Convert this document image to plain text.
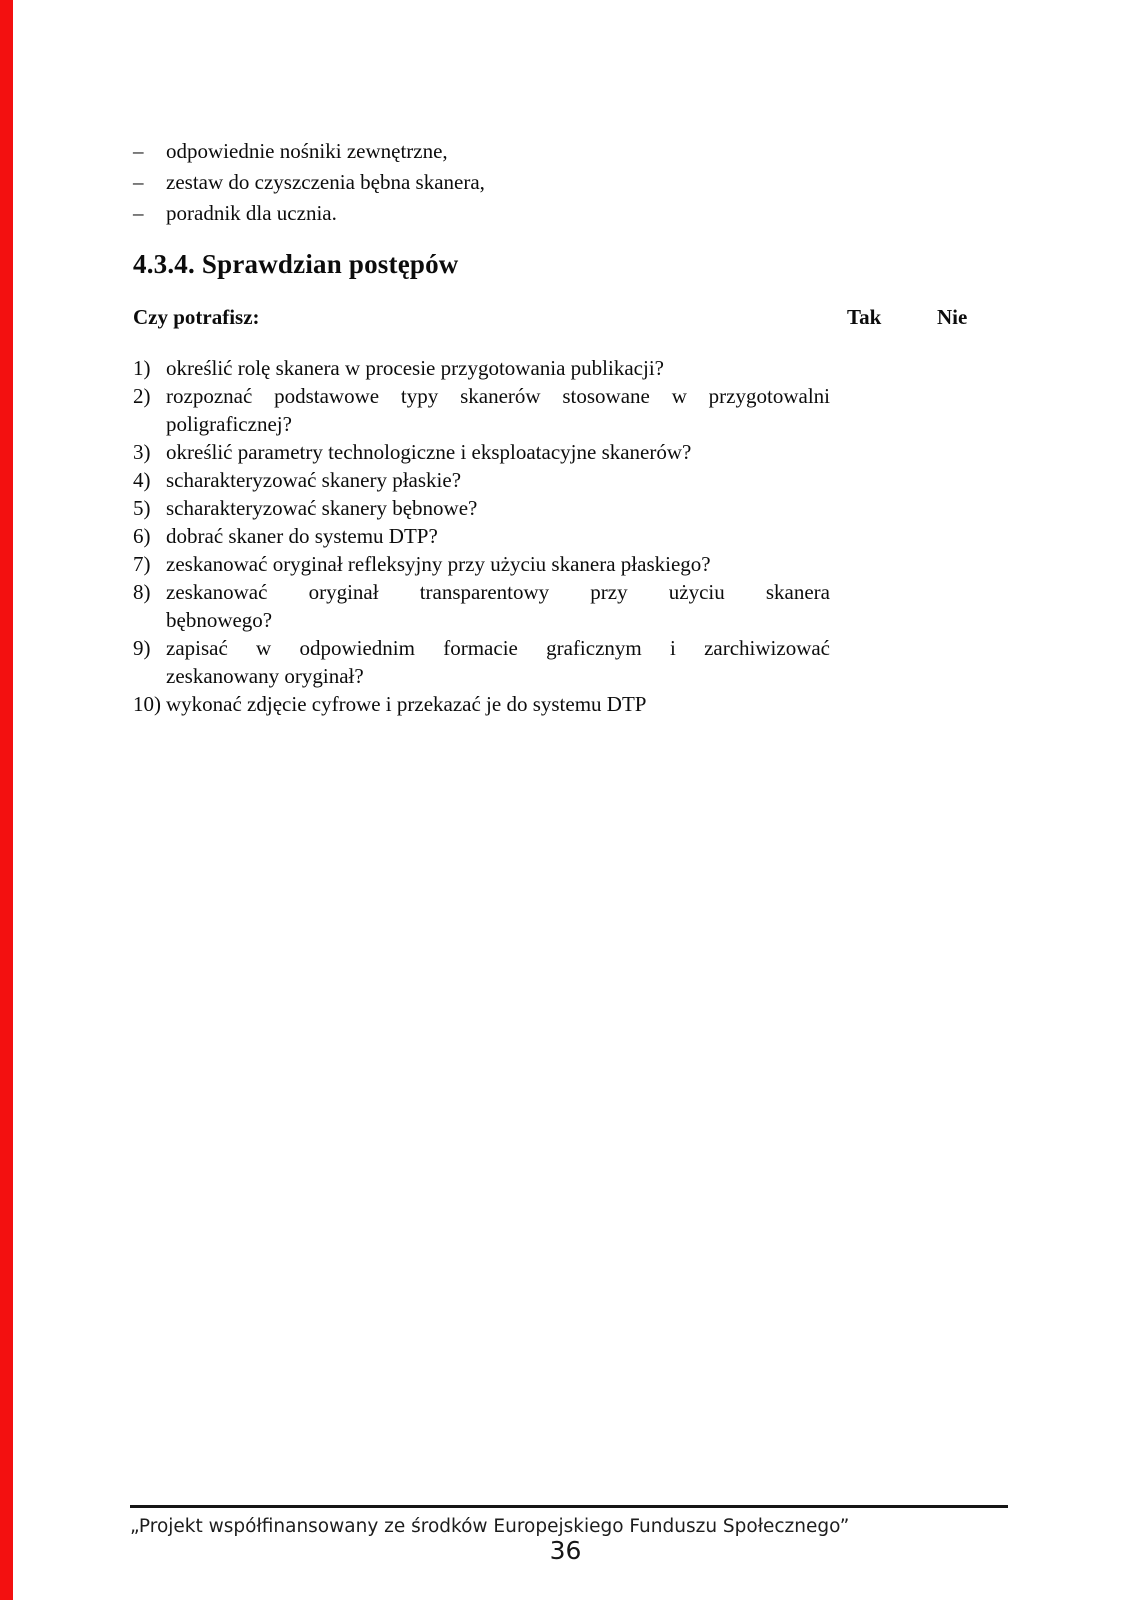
–	odpowiednie nośniki zewnętrzne,
–	zestaw do czyszczenia bębna skanera,
–	poradnik dla ucznia.
4.3.4. Sprawdzian postępów
Czy potrafisz:	Tak	Nie
1) określić rolę skanera w procesie przygotowania publikacji?
2) rozpoznać podstawowe typy skanerów stosowane w przygotowalni
poligraficznej?
3) określić parametry technologiczne i eksploatacyjne skanerów?
4) scharakteryzować skanery płaskie?
5) scharakteryzować skanery bębnowe?
6) dobrać skaner do systemu DTP?
7) zeskanować oryginał refleksyjny przy użyciu skanera płaskiego?
8) zeskanować oryginał transparentowy przy użyciu skanera
bębnowego?
9) zapisać w odpowiednim formacie graficznym i zarchiwizować
zeskanowany oryginał?
10) wykonać zdjęcie cyfrowe i przekazać je do systemu DTP
„Projekt współfinansowany ze środków Europejskiego Funduszu Społecznego”
36
